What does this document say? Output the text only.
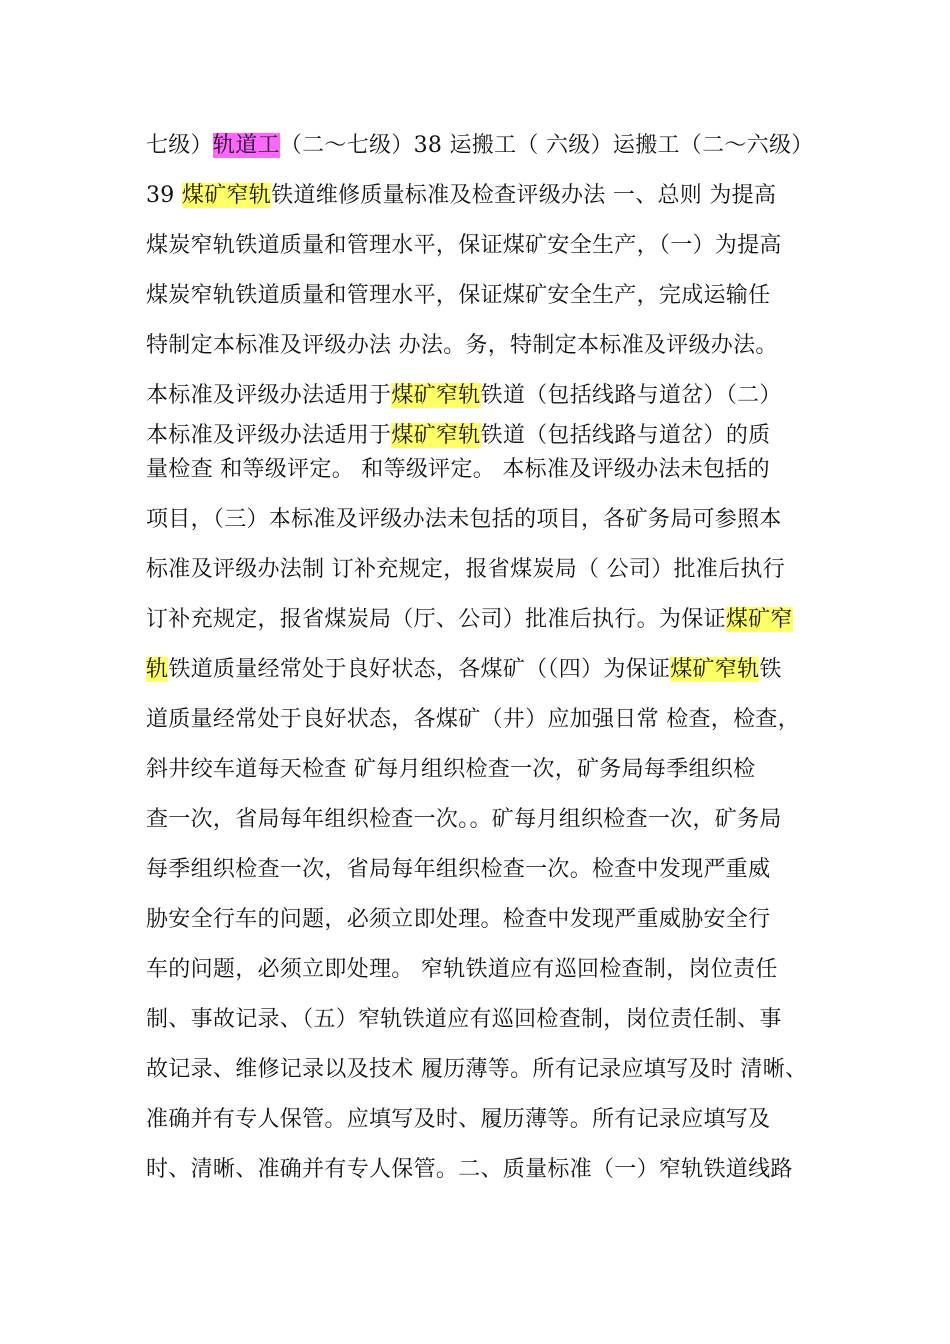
七级）轨道工（二～七级）38 运搬工（ 六级）运搬工（二～六级）
39 煤矿窄轨铁道维修质量标准及检查评级办法 一、总则 为提高
煤炭窄轨铁道质量和管理水平，保证煤矿安全生产，（一）为提高
煤炭窄轨铁道质量和管理水平，保证煤矿安全生产，完成运输任
特制定本标准及评级办法 办法。务，特制定本标准及评级办法。
本标准及评级办法适用于煤矿窄轨铁道（包括线路与道岔）（二）
本标准及评级办法适用于煤矿窄轨铁道（包括线路与道岔）的质
量检查 和等级评定。 和等级评定。 本标准及评级办法未包括的
项目，（三）本标准及评级办法未包括的项目，各矿务局可参照本
标准及评级办法制 订补充规定，报省煤炭局（ 公司）批准后执行
订补充规定，报省煤炭局（厅、公司）批准后执行。为保证煤矿窄
轨铁道质量经常处于良好状态，各煤矿（（四）为保证煤矿窄轨铁
道质量经常处于良好状态，各煤矿（井）应加强日常 检查，检查，
斜井绞车道每天检查 矿每月组织检查一次，矿务局每季组织检
查一次，省局每年组织检查一次。。矿每月组织检查一次，矿务局
每季组织检查一次，省局每年组织检查一次。检查中发现严重威
胁安全行车的问题，必须立即处理。检查中发现严重威胁安全行
车的问题，必须立即处理。 窄轨铁道应有巡回检查制，岗位责任
制、事故记录、（五）窄轨铁道应有巡回检查制，岗位责任制、事
故记录、维修记录以及技术 履历薄等。所有记录应填写及时 清晰、
准确并有专人保管。应填写及时、履历薄等。所有记录应填写及
时、清晰、准确并有专人保管。二、质量标准（一）窄轨铁道线路
